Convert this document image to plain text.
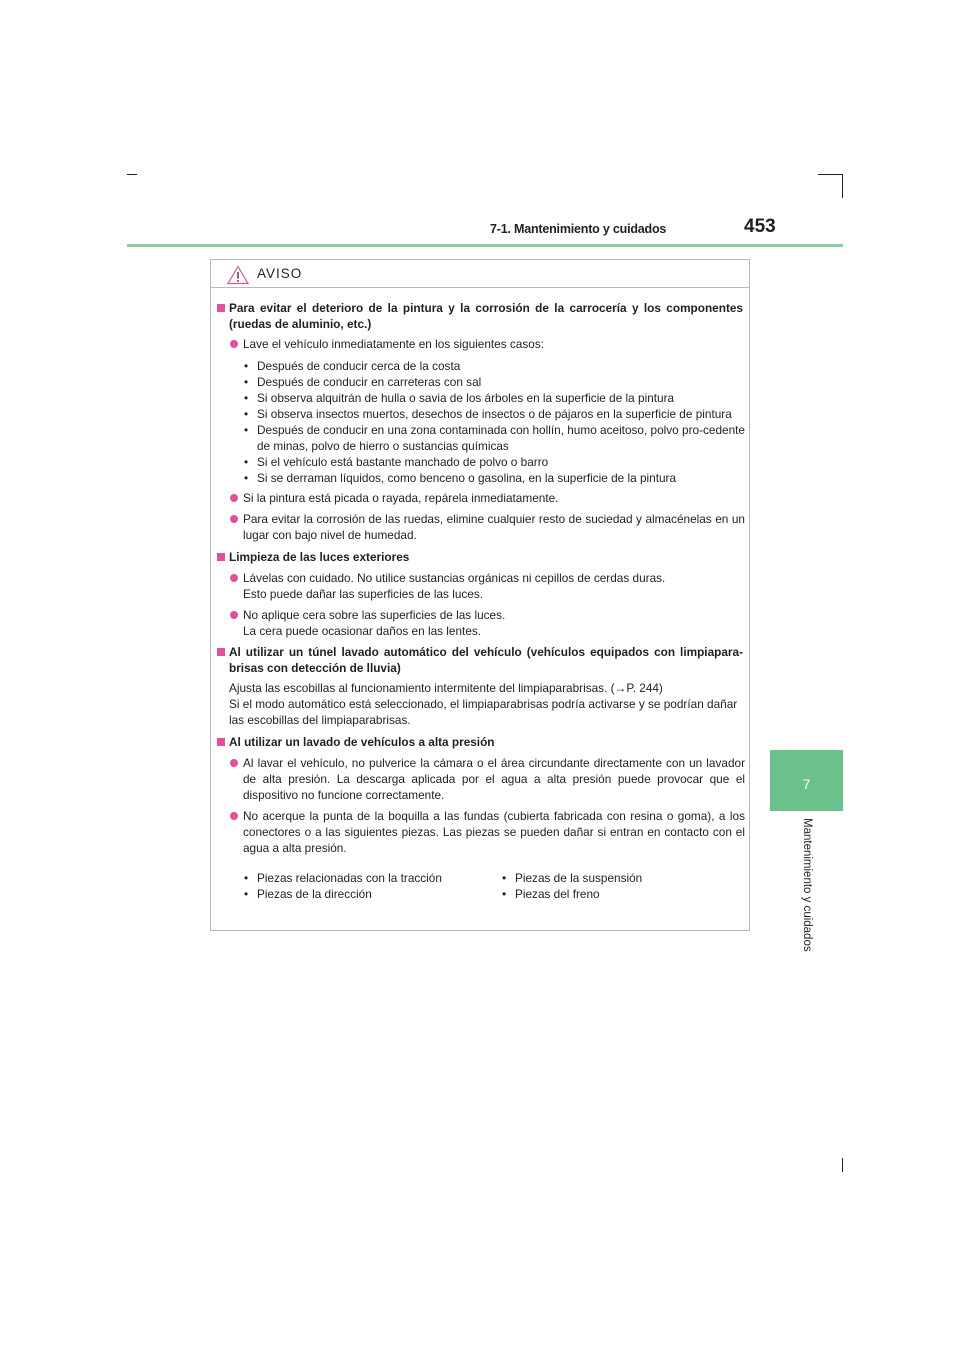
7-1. Mantenimiento y cuidados	453
7
Mantenimiento y cuidados
AVISO
Para evitar el deterioro de la pintura y la corrosión de la carrocería y los componentes (ruedas de aluminio, etc.)
Lave el vehículo inmediatamente en los siguientes casos:
• Después de conducir cerca de la costa
• Después de conducir en carreteras con sal
• Si observa alquitrán de hulla o savia de los árboles en la superficie de la pintura
• Si observa insectos muertos, desechos de insectos o de pájaros en la superficie de pintura
• Después de conducir en una zona contaminada con hollín, humo aceitoso, polvo pro-cedente de minas, polvo de hierro o sustancias químicas
• Si el vehículo está bastante manchado de polvo o barro
• Si se derraman líquidos, como benceno o gasolina, en la superficie de la pintura
Si la pintura está picada o rayada, repárela inmediatamente.
Para evitar la corrosión de las ruedas, elimine cualquier resto de suciedad y almacénelas en un lugar con bajo nivel de humedad.
Limpieza de las luces exteriores
Lávelas con cuidado. No utilice sustancias orgánicas ni cepillos de cerdas duras.
Esto puede dañar las superficies de las luces.
No aplique cera sobre las superficies de las luces.
La cera puede ocasionar daños en las lentes.
Al utilizar un túnel lavado automático del vehículo (vehículos equipados con limpiapara-brisas con detección de lluvia)
Ajusta las escobillas al funcionamiento intermitente del limpiaparabrisas. (→P. 244)
Si el modo automático está seleccionado, el limpiaparabrisas podría activarse y se podrían dañar las escobillas del limpiaparabrisas.
Al utilizar un lavado de vehículos a alta presión
Al lavar el vehículo, no pulverice la cámara o el área circundante directamente con un lavador de alta presión. La descarga aplicada por el agua a alta presión puede provocar que el dispositivo no funcione correctamente.
No acerque la punta de la boquilla a las fundas (cubierta fabricada con resina o goma), a los conectores o a las siguientes piezas. Las piezas se pueden dañar si entran en contacto con el agua a alta presión.
• Piezas relacionadas con la tracción
• Piezas de la dirección
• Piezas de la suspensión
• Piezas del freno
